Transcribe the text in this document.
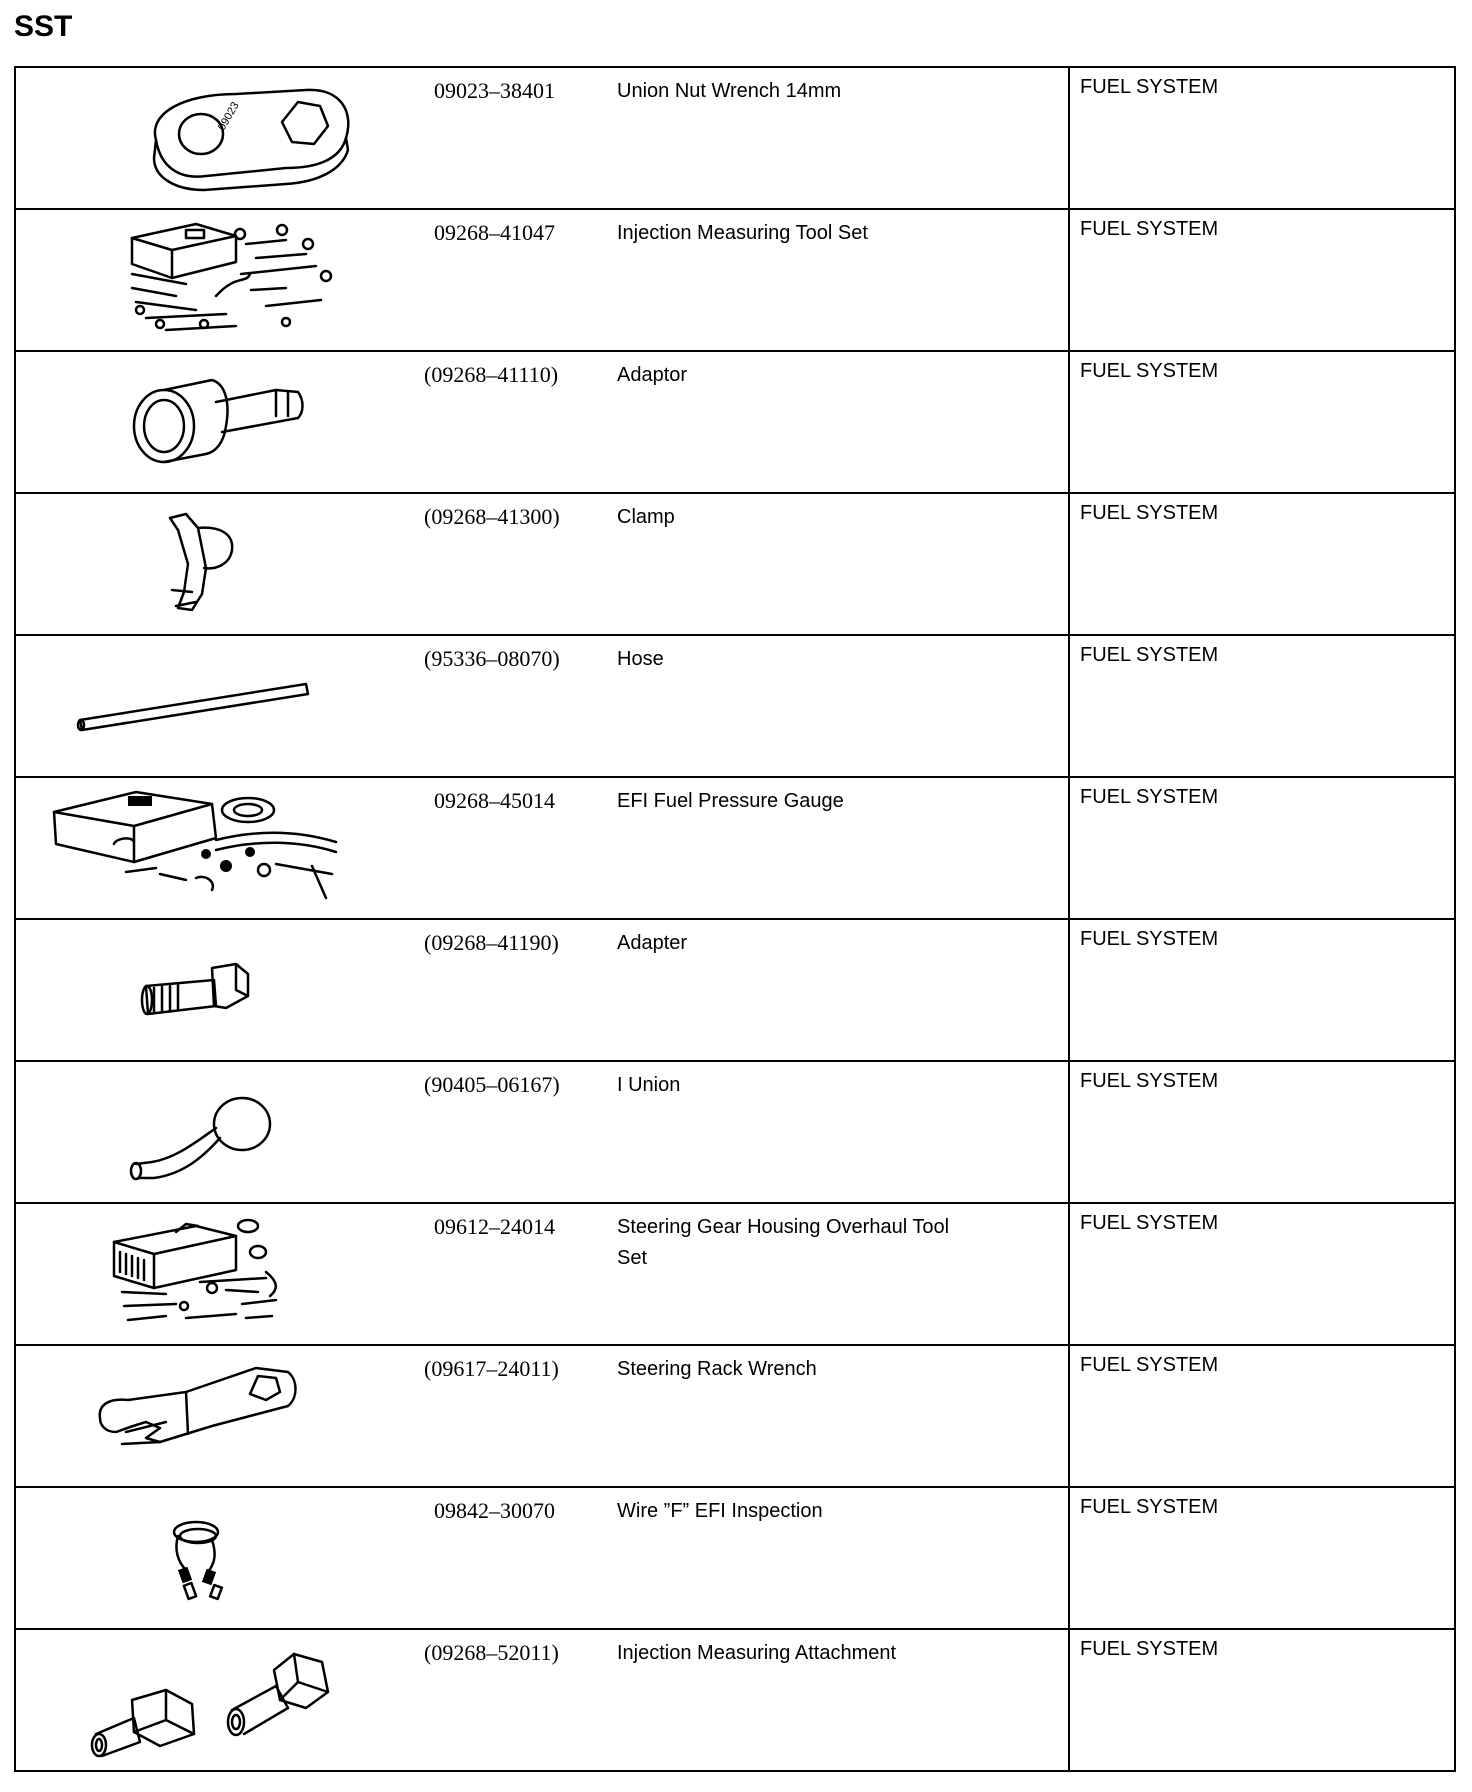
SST
09023
09023–38401 Union Nut Wrench 14mm	FUEL SYSTEM

09268–41047 Injection Measuring Tool Set	FUEL SYSTEM

(09268–41110) Adaptor	FUEL SYSTEM

(09268–41300) Clamp	FUEL SYSTEM

(95336–08070) Hose	FUEL SYSTEM

09268–45014 EFI Fuel Pressure Gauge	FUEL SYSTEM

(09268–41190) Adapter	FUEL SYSTEM

(90405–06167) I Union	FUEL SYSTEM

09612–24014 Steering Gear Housing Overhaul Tool Set	FUEL SYSTEM

(09617–24011) Steering Rack Wrench	FUEL SYSTEM

09842–30070 Wire ”F” EFI Inspection	FUEL SYSTEM

(09268–52011) Injection Measuring Attachment	FUEL SYSTEM
